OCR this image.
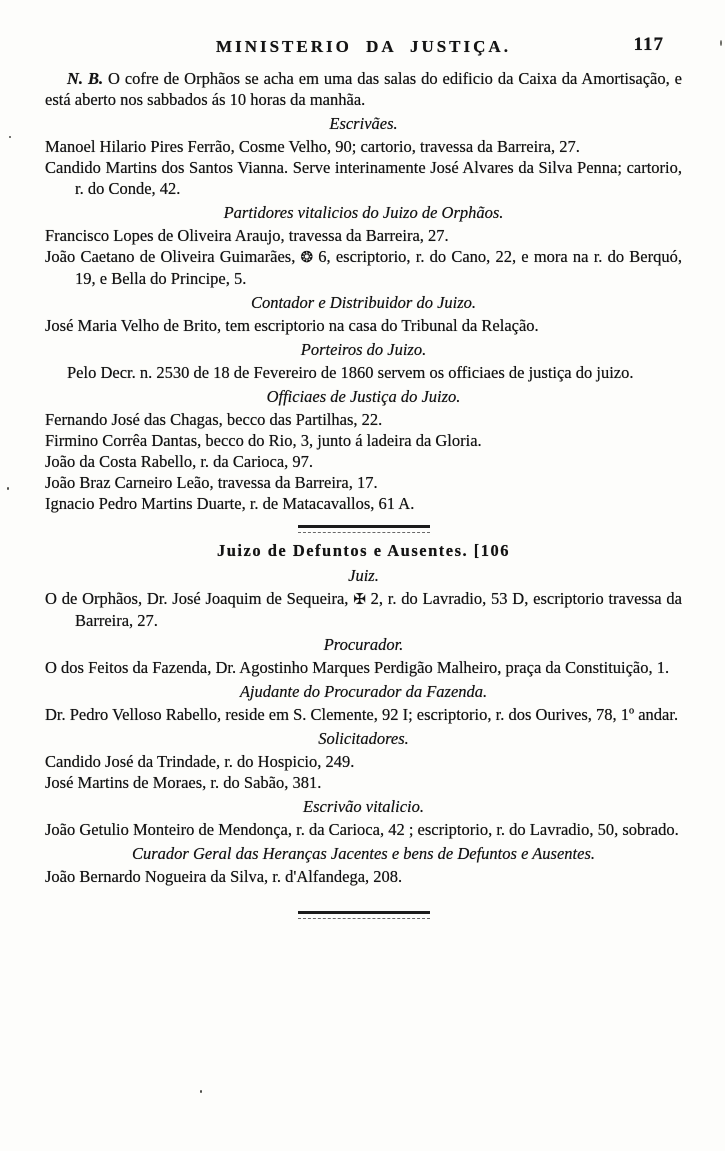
MINISTERIO DA JUSTIÇA.	117

N. B. O cofre de Orphãos se acha em uma das salas do edificio da Caixa da Amortisação, e está aberto nos sabbados ás 10 horas da manhãa.

Escrivães.

Manoel Hilario Pires Ferrão, Cosme Velho, 90; cartorio, travessa da Barreira, 27.

Candido Martins dos Santos Vianna. Serve interinamente José Alvares da Silva Penna; cartorio, r. do Conde, 42.

Partidores vitalicios do Juizo de Orphãos.

Francisco Lopes de Oliveira Araujo, travessa da Barreira, 27.

João Caetano de Oliveira Guimarães, ❂ 6, escriptorio, r. do Cano, 22, e mora na r. do Berquó, 19, e Bella do Principe, 5.

Contador e Distribuidor do Juizo.

José Maria Velho de Brito, tem escriptorio na casa do Tribunal da Relação.

Porteiros do Juizo.

Pelo Decr. n. 2530 de 18 de Fevereiro de 1860 servem os officiaes de justiça do juizo.

Officiaes de Justiça do Juizo.

Fernando José das Chagas, becco das Partilhas, 22.

Firmino Corrêa Dantas, becco do Rio, 3, junto á ladeira da Gloria.

João da Costa Rabello, r. da Carioca, 97.

João Braz Carneiro Leão, travessa da Barreira, 17.

Ignacio Pedro Martins Duarte, r. de Matacavallos, 61 A.

Juizo de Defuntos e Ausentes. [106
Juiz.

O de Orphãos, Dr. José Joaquim de Sequeira, ✠ 2, r. do Lavradio, 53 D, escriptorio travessa da Barreira, 27.

Procurador.

O dos Feitos da Fazenda, Dr. Agostinho Marques Perdigão Malheiro, praça da Constituição, 1.

Ajudante do Procurador da Fazenda.

Dr. Pedro Velloso Rabello, reside em S. Clemente, 92 I; escriptorio, r. dos Ourives, 78, 1º andar.

Solicitadores.

Candido José da Trindade, r. do Hospicio, 249.

José Martins de Moraes, r. do Sabão, 381.

Escrivão vitalicio.

João Getulio Monteiro de Mendonça, r. da Carioca, 42 ; escriptorio, r. do Lavradio, 50, sobrado.

Curador Geral das Heranças Jacentes e bens de Defuntos e Ausentes.

João Bernardo Nogueira da Silva, r. d'Alfandega, 208.
